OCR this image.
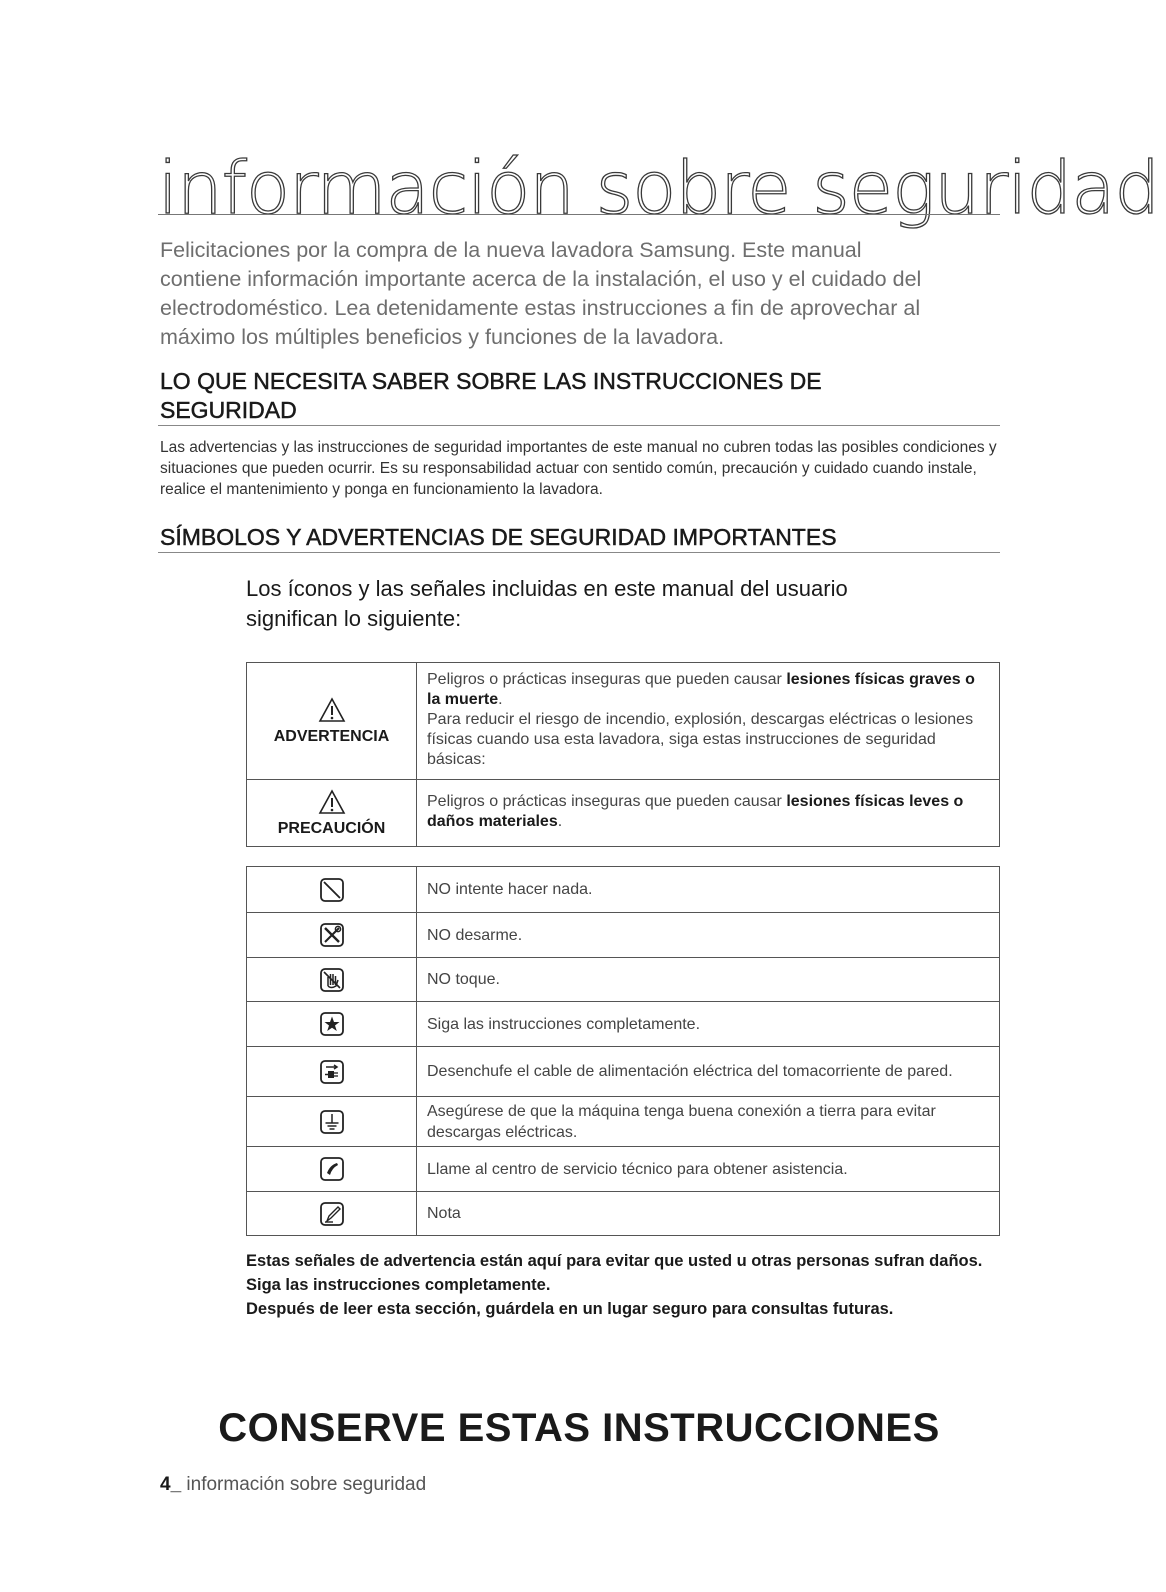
información sobre seguridad

Felicitaciones por la compra de la nueva lavadora Samsung. Este manual

contiene información importante acerca de la instalación, el uso y el cuidado del

electrodoméstico. Lea detenidamente estas instrucciones a fin de aprovechar al

máximo los múltiples beneficios y funciones de la lavadora.

LO QUE NECESITA SABER SOBRE LAS INSTRUCCIONES DE
SEGURIDAD
Las advertencias y las instrucciones de seguridad importantes de este manual no cubren todas las posibles condiciones y situaciones que pueden ocurrir. Es su responsabilidad actuar con sentido común, precaución y cuidado cuando instale, realice el mantenimiento y ponga en funcionamiento la lavadora.
SÍMBOLOS Y ADVERTENCIAS DE SEGURIDAD IMPORTANTES
Los íconos y las señales incluidas en este manual del usuario
significan lo siguiente:
ADVERTENCIA	Peligros o prácticas inseguras que pueden causar lesiones físicas graves o la muerte.

Para reducir el riesgo de incendio, explosión, descargas eléctricas o lesiones físicas cuando usa esta lavadora, siga estas instrucciones de seguridad básicas:

PRECAUCIÓN	Peligros o prácticas inseguras que pueden causar lesiones físicas leves o daños materiales.

	NO intente hacer nada.
	NO desarme.
	NO toque.
	Siga las instrucciones completamente.
	Desenchufe el cable de alimentación eléctrica del tomacorriente de pared.
	Asegúrese de que la máquina tenga buena conexión a tierra para evitar descargas eléctricas.
	Llame al centro de servicio técnico para obtener asistencia.
	Nota

Estas señales de advertencia están aquí para evitar que usted u otras personas sufran daños.

Siga las instrucciones completamente.

Después de leer esta sección, guárdela en un lugar seguro para consultas futuras.

CONSERVE ESTAS INSTRUCCIONES
4_ información sobre seguridad
